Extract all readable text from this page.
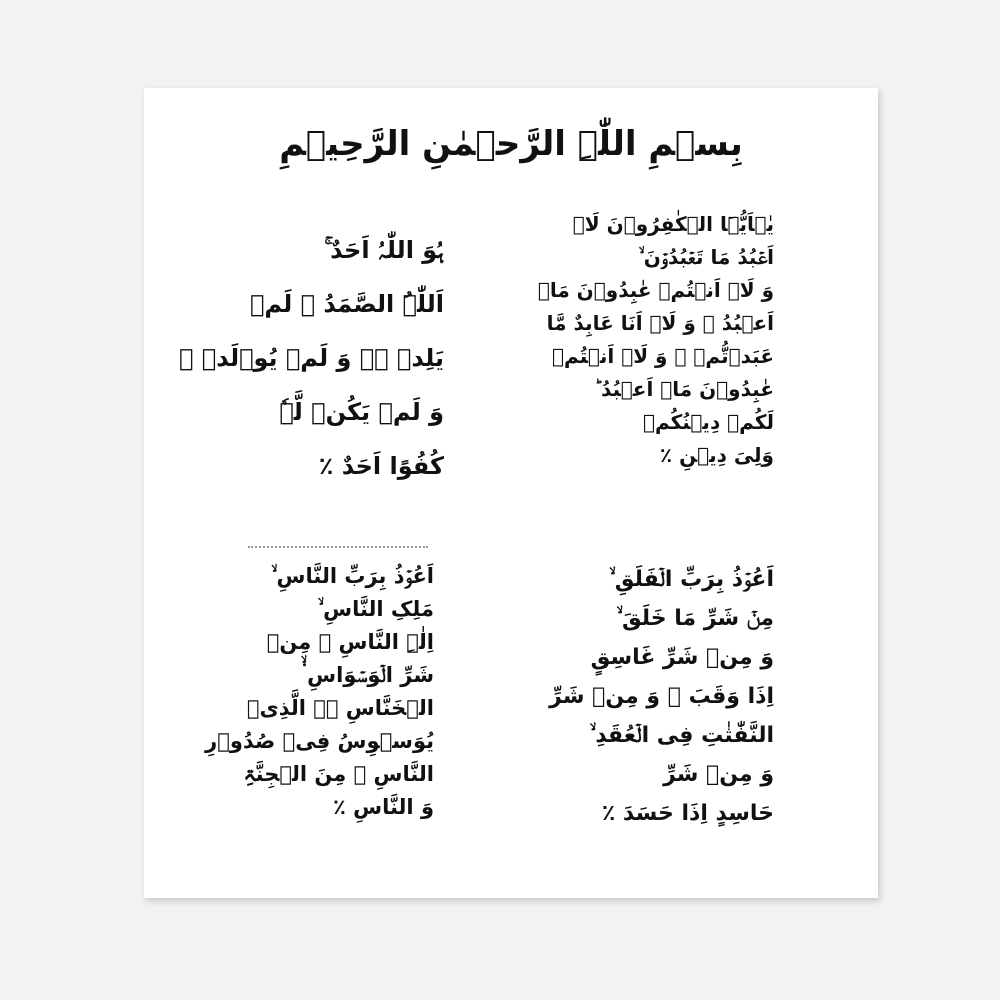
بِسۡمِ اللّٰہِ الرَّحۡمٰنِ الرَّحِیۡمِ
یٰۤاَیُّہَا الۡکٰفِرُوۡنَ لَاۤ
اَعۡبُدُ مَا تَعۡبُدُوۡنَ ۙ
وَ لَاۤ اَنۡتُمۡ عٰبِدُوۡنَ مَاۤ
اَعۡبُدُ ۚ وَ لَاۤ اَنَا عَابِدٌ مَّا
عَبَدۡتُّمۡ ۙ وَ لَاۤ اَنۡتُمۡ
عٰبِدُوۡنَ مَاۤ اَعۡبُدُ ؕ
لَکُمۡ دِیۡنُکُمۡ
وَلِیَ دِیۡنِ ٪
ہُوَ اللّٰہُ اَحَدٌ ۚ
اَللّٰہُ الصَّمَدُ ۚ لَمۡ
یَلِدۡ ۬ۙ وَ لَمۡ یُوۡلَدۡ ۙ
وَ لَمۡ یَکُنۡ لَّہٗ
کُفُوًا اَحَدٌ ٪
اَعُوۡذُ بِرَبِّ الۡفَلَقِ ۙ
مِنۡ شَرِّ مَا خَلَقَ ۙ
وَ مِنۡ شَرِّ غَاسِقٍ
اِذَا وَقَبَ ۙ وَ مِنۡ شَرِّ
النَّفّٰثٰتِ فِی الۡعُقَدِ ۙ
وَ مِنۡ شَرِّ
حَاسِدٍ اِذَا حَسَدَ ٪
اَعُوۡذُ بِرَبِّ النَّاسِ ۙ
مَلِکِ النَّاسِ ۙ
اِلٰہِ النَّاسِ ۙ مِنۡ
شَرِّ الۡوَسۡوَاسِ ۬ۙ
الۡخَنَّاسِ ۪ۙ الَّذِیۡ
یُوَسۡوِسُ فِیۡ صُدُوۡرِ
النَّاسِ ۙ مِنَ الۡجِنَّۃِ
وَ النَّاسِ ٪
